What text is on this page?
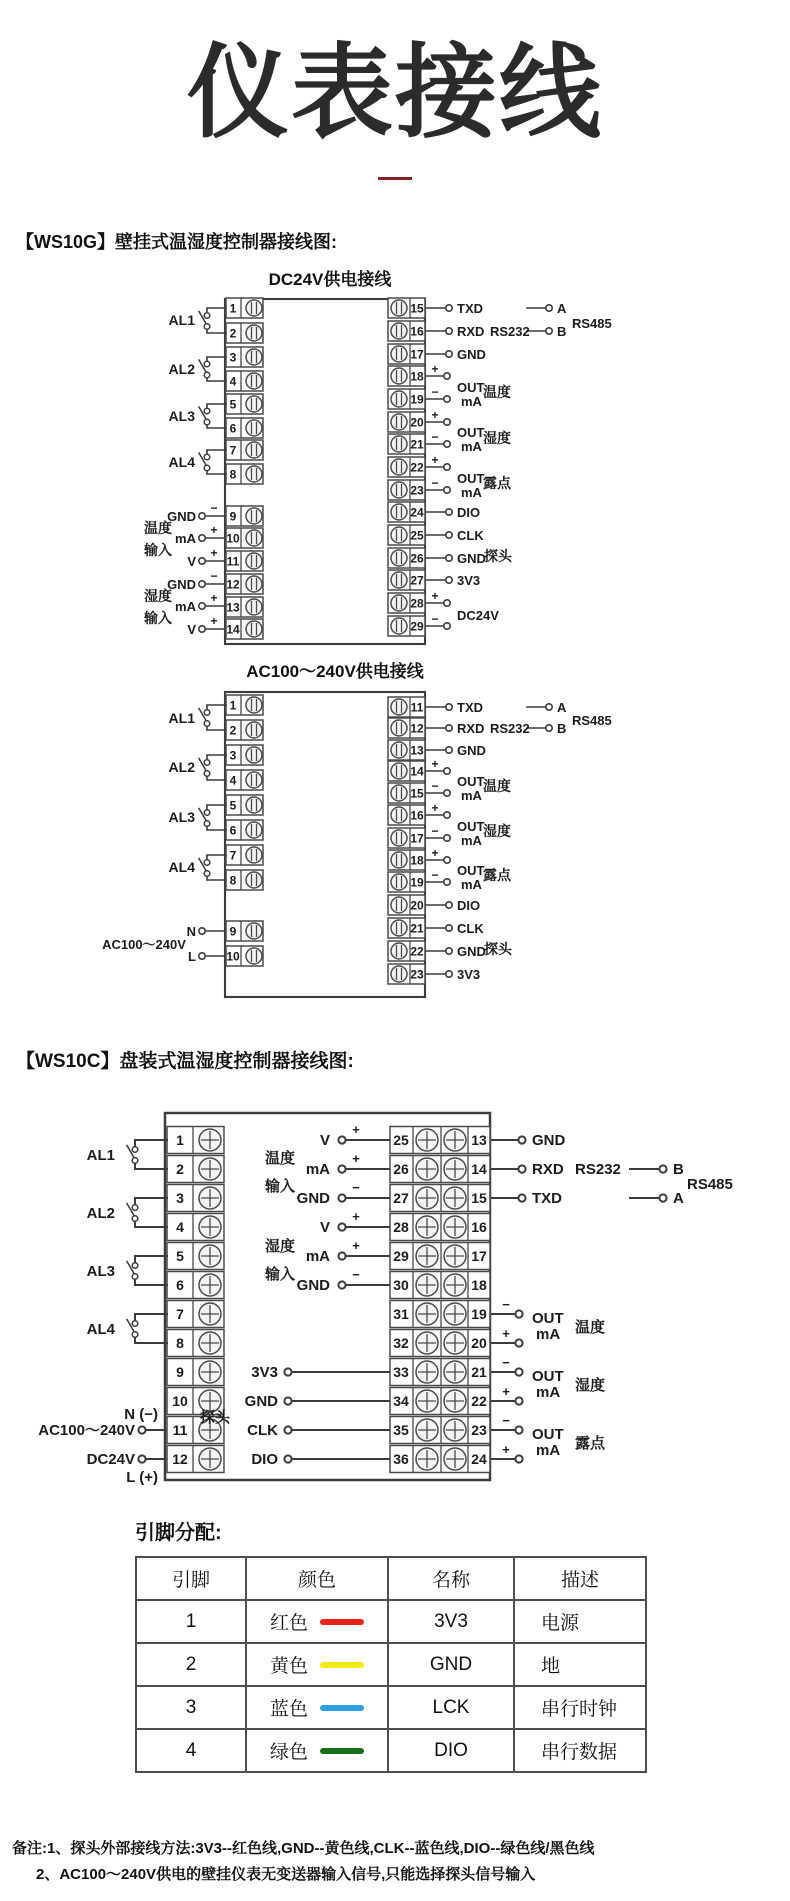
仪表接线
【WS10G】壁挂式温湿度控制器接线图:
DC24V供电接线
1
2
3
4
5
6
7
8
9
10
11
12
13
14
15
16
17
18
19
20
21
22
23
24
25
26
27
28
29
AL1
AL2
AL3
AL4
GND
mA
V
−
+
+
温度
输入
GND
mA
V
−
+
+
湿度
输入
TXD
RXD RS232
GND
A
B
RS485
+
− OUT
mA
温度
+
− OUT
mA
湿度
+
− OUT
mA
露点
DIO
CLK
探头
GND
3V3
+
− DC24V
AC100～240V供电接线
1
2
3
4
5
6
7
8
9
10
11
12
13
14
15
16
17
18
19
20
21
22
23
AL1
AL2
AL3
AL4
N
L
AC100～240V
TXD
RXD RS232
GND
A
B
RS485
+
− OUT
mA
温度
+
− OUT
mA
湿度
+
− OUT
mA
露点
DIO
CLK
探头
GND
3V3
【WS10C】盘装式温湿度控制器接线图:
1
2
3
4
5
6
7
8
9
10
11
12
25	13
26	14
27	15
28	16
29	17
30	18
31	19
32	20
33	21
34	22
35	23
36	24
AL1
AL2
AL3
AL4
N (−)
AC100～240V
DC24V
L (+)
V
mA
GND
+
+
−
温度
输入
V
mA
GND
+
+
−
湿度
输入
3V3
GND
CLK
DIO
探头
GND
RXD RS232
TXD
B
A
RS485
−
+
OUT
mA 温度
−
+
OUT
mA 湿度
−
+
OUT
mA 露点
引脚分配:
引脚	颜色	名称	描述
1	红色	3V3	电源
2	黄色	GND	地
3	蓝色	LCK	串行时钟
4	绿色	DIO	串行数据
备注:1、探头外部接线方法:3V3--红色线,GND--黄色线,CLK--蓝色线,DIO--绿色线/黑色线
2、AC100～240V供电的壁挂仪表无变送器输入信号,只能选择探头信号输入
